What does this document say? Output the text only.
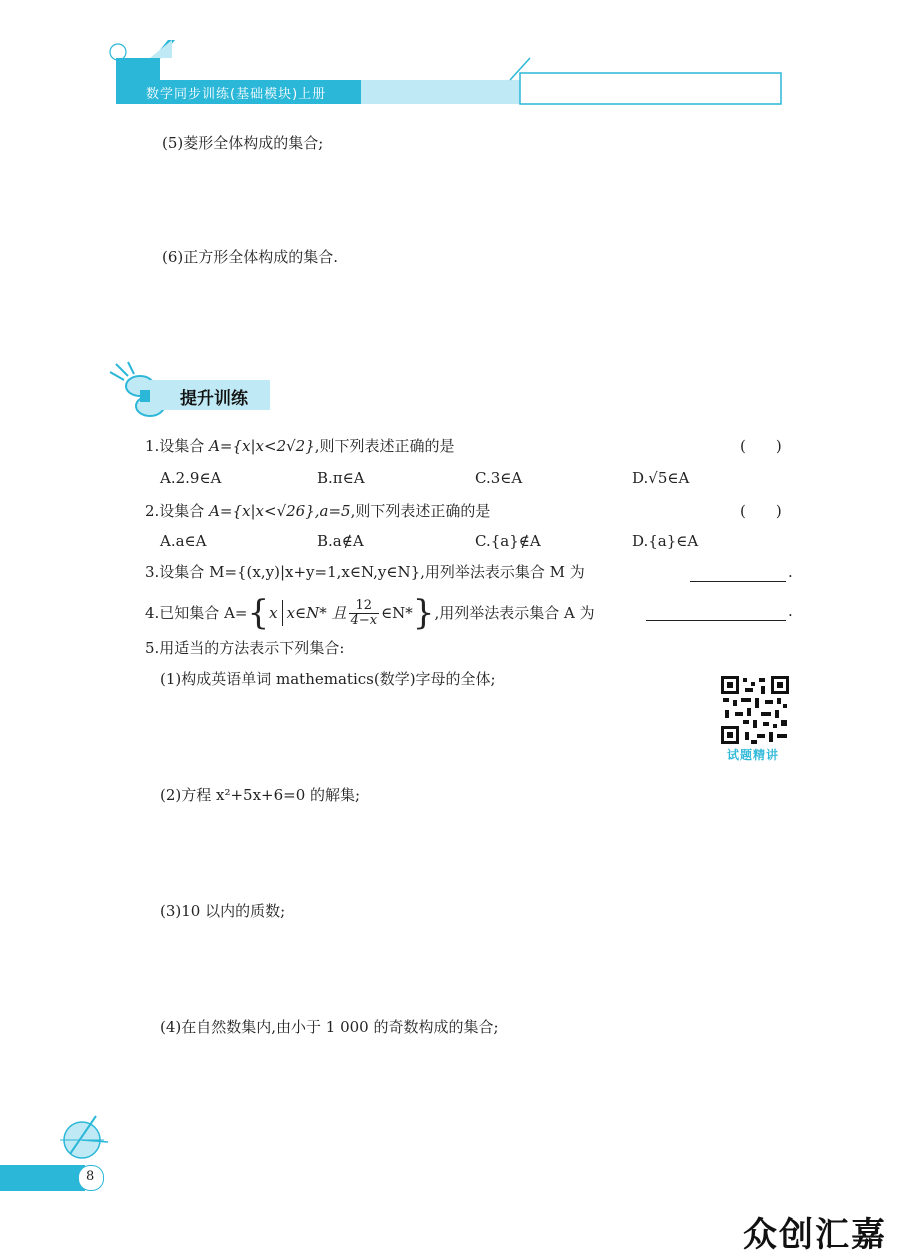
数学同步训练(基础模块)上册
(5)菱形全体构成的集合;
(6)正方形全体构成的集合.
提升训练
1.设集合 A={x|x<2√2},则下列表述正确的是	(　　)
A.2.9∈A	B.π∈A	C.3∈A	D.√5∈A
2.设集合 A={x|x<√26},a=5,则下列表述正确的是	(　　)
A.a∈A	B.a∉A	C.{a}∉A	D.{a}∈A
3.设集合 M={(x,y)|x+y=1,x∈N,y∈N},用列举法表示集合 M 为	.
4.已知集合 A= { x x∈N* 且 $\frac{12}{4-x}$ ∈N* } ,用列举法表示集合 A 为	.
5.用适当的方法表示下列集合:
(1)构成英语单词 mathematics(数学)字母的全体;
(2)方程 x²+5x+6=0 的解集;
(3)10 以内的质数;
(4)在自然数集内,由小于 1 000 的奇数构成的集合;
试题精讲
8
众创汇嘉
